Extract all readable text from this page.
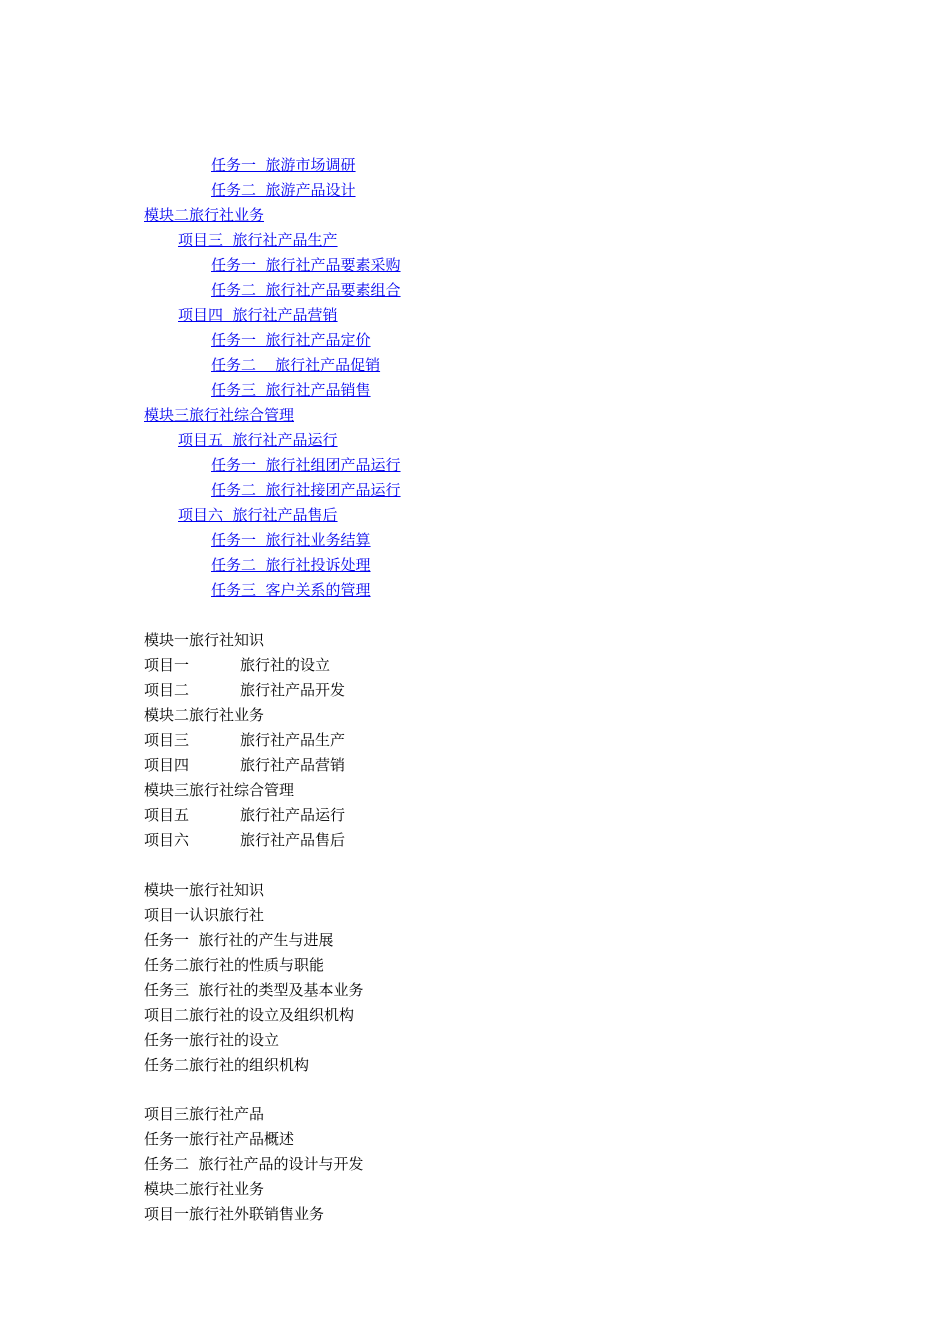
任务一  旅游市场调研
任务二  旅游产品设计
模块二旅行社业务
项目三  旅行社产品生产
任务一  旅行社产品要素采购
任务二  旅行社产品要素组合
项目四  旅行社产品营销
任务一  旅行社产品定价
任务二    旅行社产品促销
任务三  旅行社产品销售
模块三旅行社综合管理
项目五  旅行社产品运行
任务一  旅行社组团产品运行
任务二  旅行社接团产品运行
项目六  旅行社产品售后
任务一  旅行社业务结算
任务二  旅行社投诉处理
任务三  客户关系的管理
模块一旅行社知识
项目一	旅行社的设立
项目二	旅行社产品开发
模块二旅行社业务
项目三	旅行社产品生产
项目四	旅行社产品营销
模块三旅行社综合管理
项目五	旅行社产品运行
项目六	旅行社产品售后
模块一旅行社知识
项目一认识旅行社
任务一  旅行社的产生与进展
任务二旅行社的性质与职能
任务三  旅行社的类型及基本业务
项目二旅行社的设立及组织机构
任务一旅行社的设立
任务二旅行社的组织机构
项目三旅行社产品
任务一旅行社产品概述
任务二  旅行社产品的设计与开发
模块二旅行社业务
项目一旅行社外联销售业务
